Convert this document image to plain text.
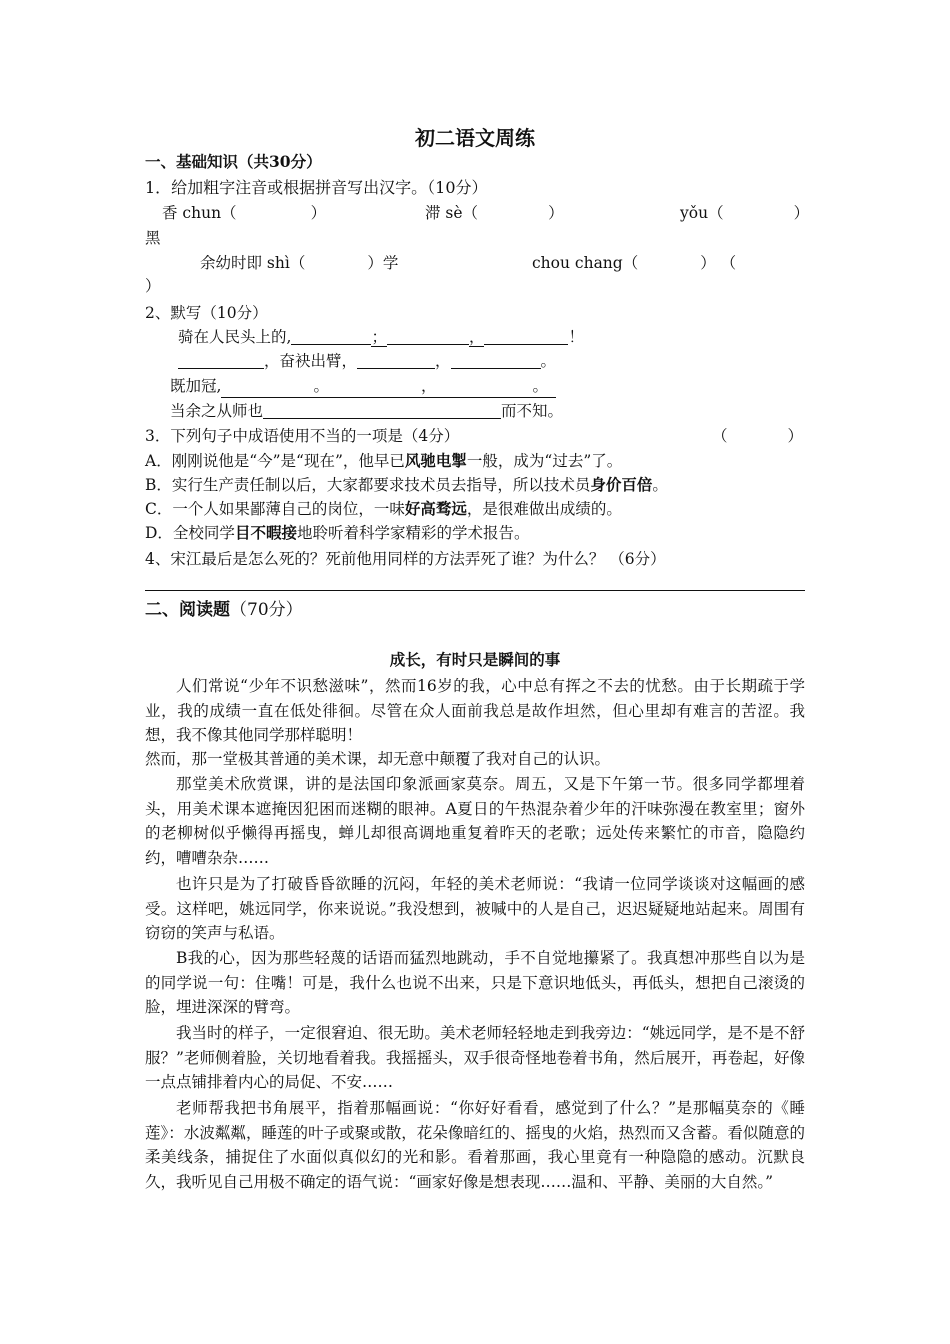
初二语文周练
一、基础知识（共30分）
1．给加粗字注音或根据拼音写出汉字。（10分）
香 chun（	）	滞 sè（	）	yǒu（	）
黑
余幼时即 shì（	）学	chou chang（	） （
）
2、默写（10分）
骑在人民头上的,	；	，	！
，奋袂出臂，	，	。
既加冠,	。	，	。
当余之从师也	而不知。
3．下列句子中成语使用不当的一项是（4分）	（	）
A．刚刚说他是“今”是“现在”，他早已风驰电掣一般，成为“过去”了。
B．实行生产责任制以后，大家都要求技术员去指导，所以技术员身价百倍。
C．一个人如果鄙薄自己的岗位，一味好高骛远，是很难做出成绩的。
D．全校同学目不暇接地聆听着科学家精彩的学术报告。
4、宋江最后是怎么死的？死前他用同样的方法弄死了谁？为什么？ （6分）
二、阅读题（70分）
成长，有时只是瞬间的事
人们常说“少年不识愁滋味”，然而16岁的我，心中总有挥之不去的忧愁。由于长期疏于学业，我的成绩一直在低处徘徊。尽管在众人面前我总是故作坦然，但心里却有难言的苦涩。我想，我不像其他同学那样聪明！
然而，那一堂极其普通的美术课，却无意中颠覆了我对自己的认识。
那堂美术欣赏课，讲的是法国印象派画家莫奈。周五，又是下午第一节。很多同学都埋着头，用美术课本遮掩因犯困而迷糊的眼神。A夏日的午热混杂着少年的汗味弥漫在教室里；窗外的老柳树似乎懒得再摇曳，蝉儿却很高调地重复着昨天的老歌；远处传来繁忙的市音，隐隐约约，嘈嘈杂杂……
也许只是为了打破昏昏欲睡的沉闷，年轻的美术老师说：“我请一位同学谈谈对这幅画的感受。这样吧，姚远同学，你来说说。”我没想到，被喊中的人是自己，迟迟疑疑地站起来。周围有窃窃的笑声与私语。
B我的心，因为那些轻蔑的话语而猛烈地跳动，手不自觉地攥紧了。我真想冲那些自以为是的同学说一句：住嘴！可是，我什么也说不出来，只是下意识地低头，再低头，想把自己滚烫的脸，埋进深深的臂弯。
我当时的样子，一定很窘迫、很无助。美术老师轻轻地走到我旁边：“姚远同学，是不是不舒服？”老师侧着脸，关切地看着我。我摇摇头，双手很奇怪地卷着书角，然后展开，再卷起，好像一点点铺排着内心的局促、不安……
老师帮我把书角展平，指着那幅画说：“你好好看看，感觉到了什么？”是那幅莫奈的《睡莲》：水波粼粼，睡莲的叶子或聚或散，花朵像暗红的、摇曳的火焰，热烈而又含蓄。看似随意的柔美线条，捕捉住了水面似真似幻的光和影。看着那画，我心里竟有一种隐隐的感动。沉默良久，我听见自己用极不确定的语气说：“画家好像是想表现……温和、平静、美丽的大自然。”
